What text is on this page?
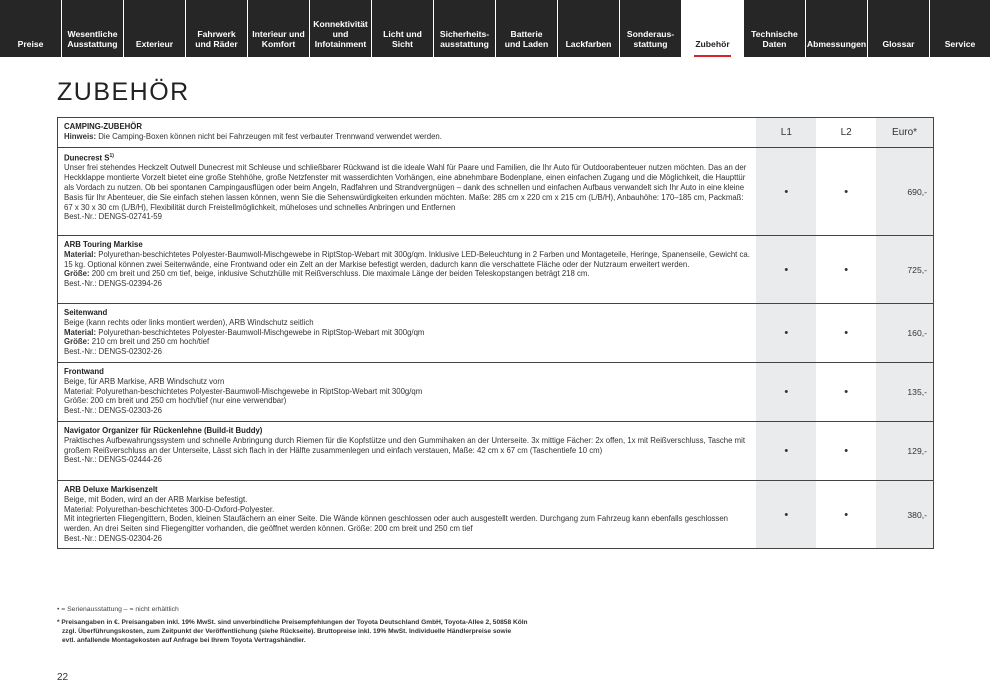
Preise
Wesentliche
Ausstattung	Exterieur
Fahrwerk
und Räder
Interieur und
Komfort
Konnektivität
und
Infotainment
Licht und Sicht
Sicherheits-
ausstattung
Batterie
und Laden	Lackfarben
Sonderaus-
stattung	Zubehör
Technische
Daten	Abmessungen	Glossar	Service
ZUBEHÖR
CAMPING-ZUBEHÖR
Hinweis: Die Camping-Boxen können nicht bei Fahrzeugen mit fest verbauter Trennwand verwendet werden.	L1	L2	Euro*
Dunecrest $S^{1)}$
Unser frei stehendes Heckzelt Outwell Dunecrest mit Schleuse und schließbarer Rückwand ist die ideale Wahl für Paare und Familien, die Ihr Auto für Outdoorabenteuer nutzen möchten. Das an der Heckklappe montierte Vorzelt bietet eine große Stehhöhe, große Netzfenster mit wasserdichten Vorhängen, eine abnehmbare Bodenplane, einen einfachen Zugang und die Möglichkeit, die Haupttür als Vordach zu nutzen. Ob bei spontanen Campingausflügen oder beim Angeln, Radfahren und Strandvergnügen – dank des schnellen und einfachen Aufbaus verwandelt sich Ihr Auto in eine kleine Basis für Ihr Abenteuer, die Sie einfach stehen lassen können, wenn Sie die Sehenswürdigkeiten erkunden möchten. Maße: 285 cm x 220 cm x 215 cm (L/B/H), Anbauhöhe: 170–185 cm, Packmaß: 67 x 30 x 30 cm (L/B/H), Flexibilität durch Freistellmöglichkeit, müheloses und schnelles Anbringen und Entfernen
Best.-Nr.: DENGS-02741-59
•	•	690,-
ARB Touring Markise
Material: Polyurethan-beschichtetes Polyester-Baumwoll-Mischgewebe in RiptStop-Webart mit 300g/qm. Inklusive LED-Beleuchtung in 2 Farben und Montageteile, Heringe, Spanenseile, Gewicht ca. 15 kg. Optional können zwei Seitenwände, eine Frontwand oder ein Zelt an der Markise befestigt werden, dadurch kann die verschattete Fläche oder der Nutzraum erweitert werden.
Größe: 200 cm breit und 250 cm tief, beige, inklusive Schutzhülle mit Reißverschluss. Die maximale Länge der beiden Teleskopstangen beträgt 218 cm.
Best.-Nr.: DENGS-02394-26
•	•	725,-
Seitenwand
Beige (kann rechts oder links montiert werden), ARB Windschutz seitlich
Material: Polyurethan-beschichtetes Polyester-Baumwoll-Mischgewebe in RiptStop-Webart mit 300g/qm
Größe: 210 cm breit und 250 cm hoch/tief
Best.-Nr.: DENGS-02302-26
•	•	160,-
Frontwand
Beige, für ARB Markise, ARB Windschutz vorn
Material: Polyurethan-beschichtetes Polyester-Baumwoll-Mischgewebe in RiptStop-Webart mit 300g/qm
Größe: 200 cm breit und 250 cm hoch/tief (nur eine verwendbar)
Best.-Nr.: DENGS-02303-26
•	•	135,-
Navigator Organizer für Rückenlehne (Build-it Buddy)
Praktisches Aufbewahrungssystem und schnelle Anbringung durch Riemen für die Kopfstütze und den Gummihaken an der Unterseite. 3x mittige Fächer: 2x offen, 1x mit Reißverschluss, Tasche mit großem Reißverschluss an der Unterseite, Lässt sich flach in der Hälfte zusammenlegen und einfach verstauen, Maße: 42 cm x 67 cm (Taschentiefe 10 cm)
Best.-Nr.: DENGS-02444-26
•	•	129,-
ARB Deluxe Markisenzelt
Beige, mit Boden, wird an der ARB Markise befestigt.
Material: Polyurethan-beschichtetes 300-D-Oxford-Polyester.
Mit integrierten Fliegengittern, Boden, kleinen Staufächern an einer Seite. Die Wände können geschlossen oder auch ausgestellt werden. Durchgang zum Fahrzeug kann ebenfalls geschlossen werden. An drei Seiten sind Fliegengitter vorhanden, die geöffnet werden können. Größe: 200 cm breit und 250 cm tief
Best.-Nr.: DENGS-02304-26
•	•	380,-
• = Serienausstattung – = nicht erhältlich
* Preisangaben in €. Preisangaben inkl. 19% MwSt. sind unverbindliche Preisempfehlungen der Toyota Deutschland GmbH, Toyota-Allee 2, 50858 Köln
zzgl. Überführungskosten, zum Zeitpunkt der Veröffentlichung (siehe Rückseite). Bruttopreise inkl. 19% MwSt. Individuelle Händlerpreise sowie
evtl. anfallende Montagekosten auf Anfrage bei Ihrem Toyota Vertragshändler.
22
